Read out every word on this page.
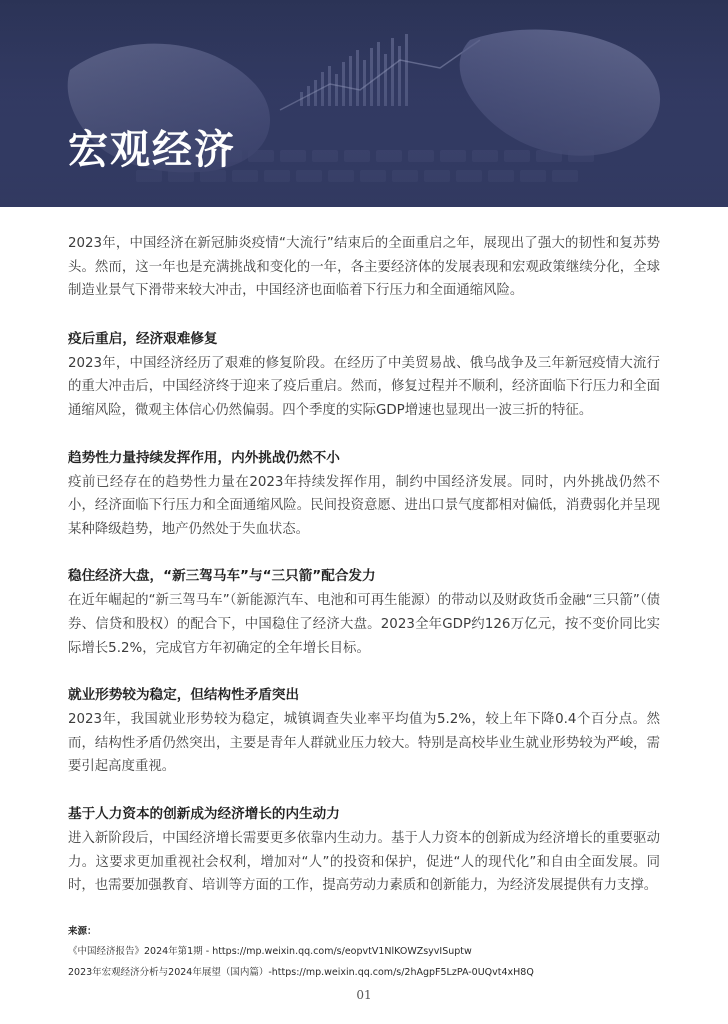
宏观经济

2023年，中国经济在新冠肺炎疫情“大流行”结束后的全面重启之年，展现出了强大的韧性和复苏势头。然而，这一年也是充满挑战和变化的一年，各主要经济体的发展表现和宏观政策继续分化，全球制造业景气下滑带来较大冲击，中国经济也面临着下行压力和全面通缩风险。

疫后重启，经济艰难修复

2023年，中国经济经历了艰难的修复阶段。在经历了中美贸易战、俄乌战争及三年新冠疫情大流行的重大冲击后，中国经济终于迎来了疫后重启。然而，修复过程并不顺利，经济面临下行压力和全面通缩风险，微观主体信心仍然偏弱。四个季度的实际GDP增速也显现出一波三折的特征。

趋势性力量持续发挥作用，内外挑战仍然不小

疫前已经存在的趋势性力量在2023年持续发挥作用，制约中国经济发展。同时，内外挑战仍然不小，经济面临下行压力和全面通缩风险。民间投资意愿、进出口景气度都相对偏低，消费弱化并呈现某种降级趋势，地产仍然处于失血状态。

稳住经济大盘，“新三驾马车”与“三只箭”配合发力

在近年崛起的“新三驾马车”（新能源汽车、电池和可再生能源）的带动以及财政货币金融“三只箭”（债券、信贷和股权）的配合下，中国稳住了经济大盘。2023全年GDP约126万亿元，按不变价同比实际增长5.2%，完成官方年初确定的全年增长目标。

就业形势较为稳定，但结构性矛盾突出

2023年，我国就业形势较为稳定，城镇调查失业率平均值为5.2%，较上年下降0.4个百分点。然而，结构性矛盾仍然突出，主要是青年人群就业压力较大。特别是高校毕业生就业形势较为严峻，需要引起高度重视。

基于人力资本的创新成为经济增长的内生动力

进入新阶段后，中国经济增长需要更多依靠内生动力。基于人力资本的创新成为经济增长的重要驱动力。这要求更加重视社会权利，增加对“人”的投资和保护，促进“人的现代化”和自由全面发展。同时，也需要加强教育、培训等方面的工作，提高劳动力素质和创新能力，为经济发展提供有力支撑。

来源：
《中国经济报告》2024年第1期 - https://mp.weixin.qq.com/s/eopvtV1NlKOWZsyvISuptw
2023年宏观经济分析与2024年展望（国内篇）-https://mp.weixin.qq.com/s/2hAgpF5LzPA-0UQvt4xH8Q
01
